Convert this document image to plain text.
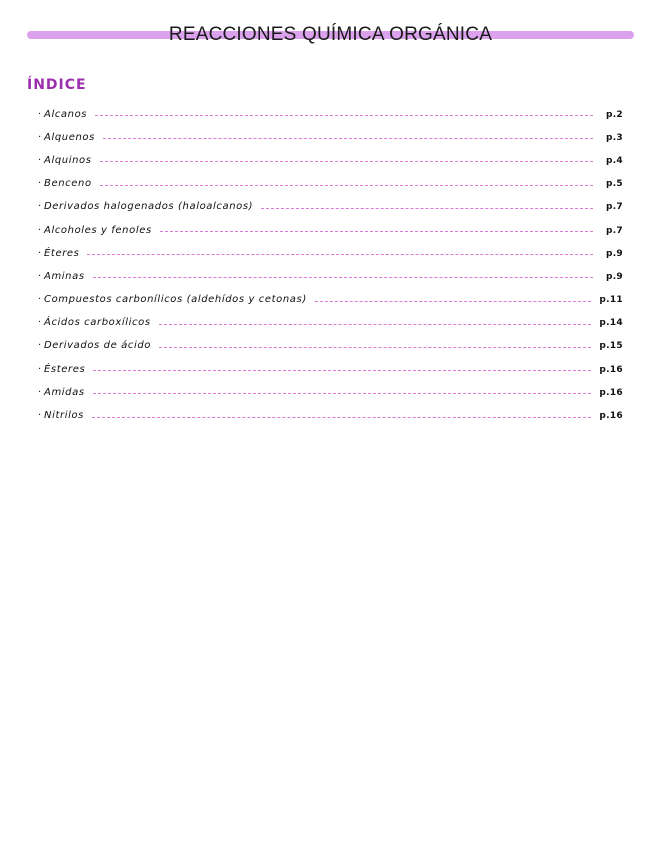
REACCIONES QUÍMICA ORGÁNICA
ÍNDICE
· Alcanos	p.2
· Alquenos	p.3
· Alquinos	p.4
· Benceno	p.5
· Derivados halogenados (haloalcanos)	p.7
· Alcoholes y fenoles	p.7
· Éteres	p.9
· Aminas	p.9
· Compuestos carbonílicos (aldehídos y cetonas)	p.11
· Ácidos carboxílicos	p.14
· Derivados de ácido	p.15
· Ésteres	p.16
· Amidas	p.16
· Nitrilos	p.16
